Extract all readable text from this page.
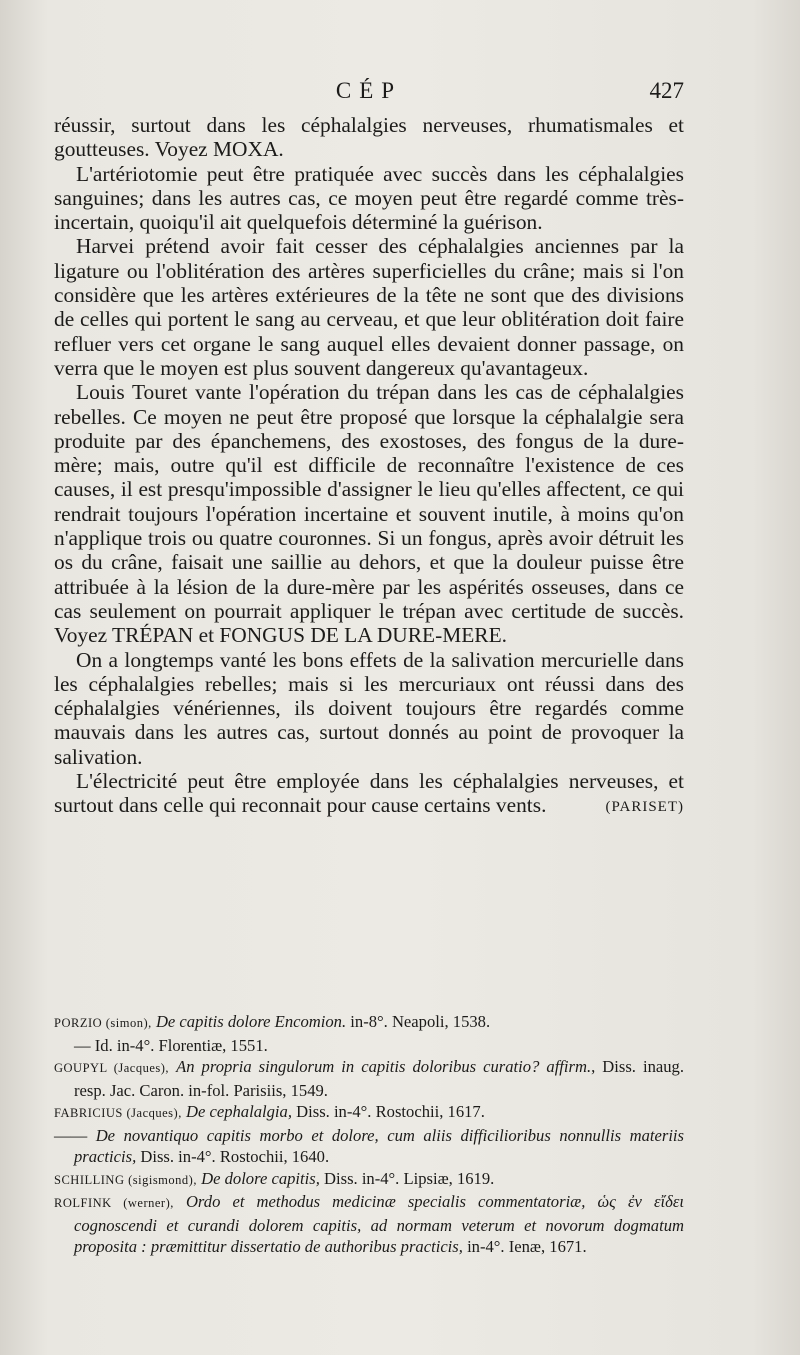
CÉP	427

réussir, surtout dans les céphalalgies nerveuses, rhumatismales et goutteuses. Voyez MOXA.

L'artériotomie peut être pratiquée avec succès dans les céphalalgies sanguines; dans les autres cas, ce moyen peut être regardé comme très-incertain, quoiqu'il ait quelquefois déterminé la guérison.

Harvei prétend avoir fait cesser des céphalalgies anciennes par la ligature ou l'oblitération des artères superficielles du crâne; mais si l'on considère que les artères extérieures de la tête ne sont que des divisions de celles qui portent le sang au cerveau, et que leur oblitération doit faire refluer vers cet organe le sang auquel elles devaient donner passage, on verra que le moyen est plus souvent dangereux qu'avantageux.

Louis Touret vante l'opération du trépan dans les cas de céphalalgies rebelles. Ce moyen ne peut être proposé que lorsque la céphalalgie sera produite par des épanchemens, des exostoses, des fongus de la dure-mère; mais, outre qu'il est difficile de reconnaître l'existence de ces causes, il est presqu'impossible d'assigner le lieu qu'elles affectent, ce qui rendrait toujours l'opération incertaine et souvent inutile, à moins qu'on n'applique trois ou quatre couronnes. Si un fongus, après avoir détruit les os du crâne, faisait une saillie au dehors, et que la douleur puisse être attribuée à la lésion de la dure-mère par les aspérités osseuses, dans ce cas seulement on pourrait appliquer le trépan avec certitude de succès. Voyez TRÉPAN et FONGUS DE LA DURE-MERE.

On a longtemps vanté les bons effets de la salivation mercurielle dans les céphalalgies rebelles; mais si les mercuriaux ont réussi dans des céphalalgies vénériennes, ils doivent toujours être regardés comme mauvais dans les autres cas, surtout donnés au point de provoquer la salivation.

L'électricité peut être employée dans les céphalalgies nerveuses, et surtout dans celle qui reconnait pour cause certains vents.	(PARISET)

PORZIO (simon), De capitis dolore Encomion. in-8°. Neapoli, 1538.
— Id. in-4°. Florentiæ, 1551.
GOUPYL (Jacques), An propria singulorum in capitis doloribus curatio? affirm., Diss. inaug. resp. Jac. Caron. in-fol. Parisiis, 1549.
FABRICIUS (Jacques), De cephalalgia, Diss. in-4°. Rostochii, 1617.
—— De novantiquo capitis morbo et dolore, cum aliis difficilioribus nonnullis materiis practicis, Diss. in-4°. Rostochii, 1640.
SCHILLING (sigismond), De dolore capitis, Diss. in-4°. Lipsiæ, 1619.
ROLFINK (werner), Ordo et methodus medicinæ specialis commentatoriæ, ὡς ἐν εἴδει cognoscendi et curandi dolorem capitis, ad normam veterum et novorum dogmatum proposita : præmittitur dissertatio de authoribus practicis, in-4°. Ienæ, 1671.
